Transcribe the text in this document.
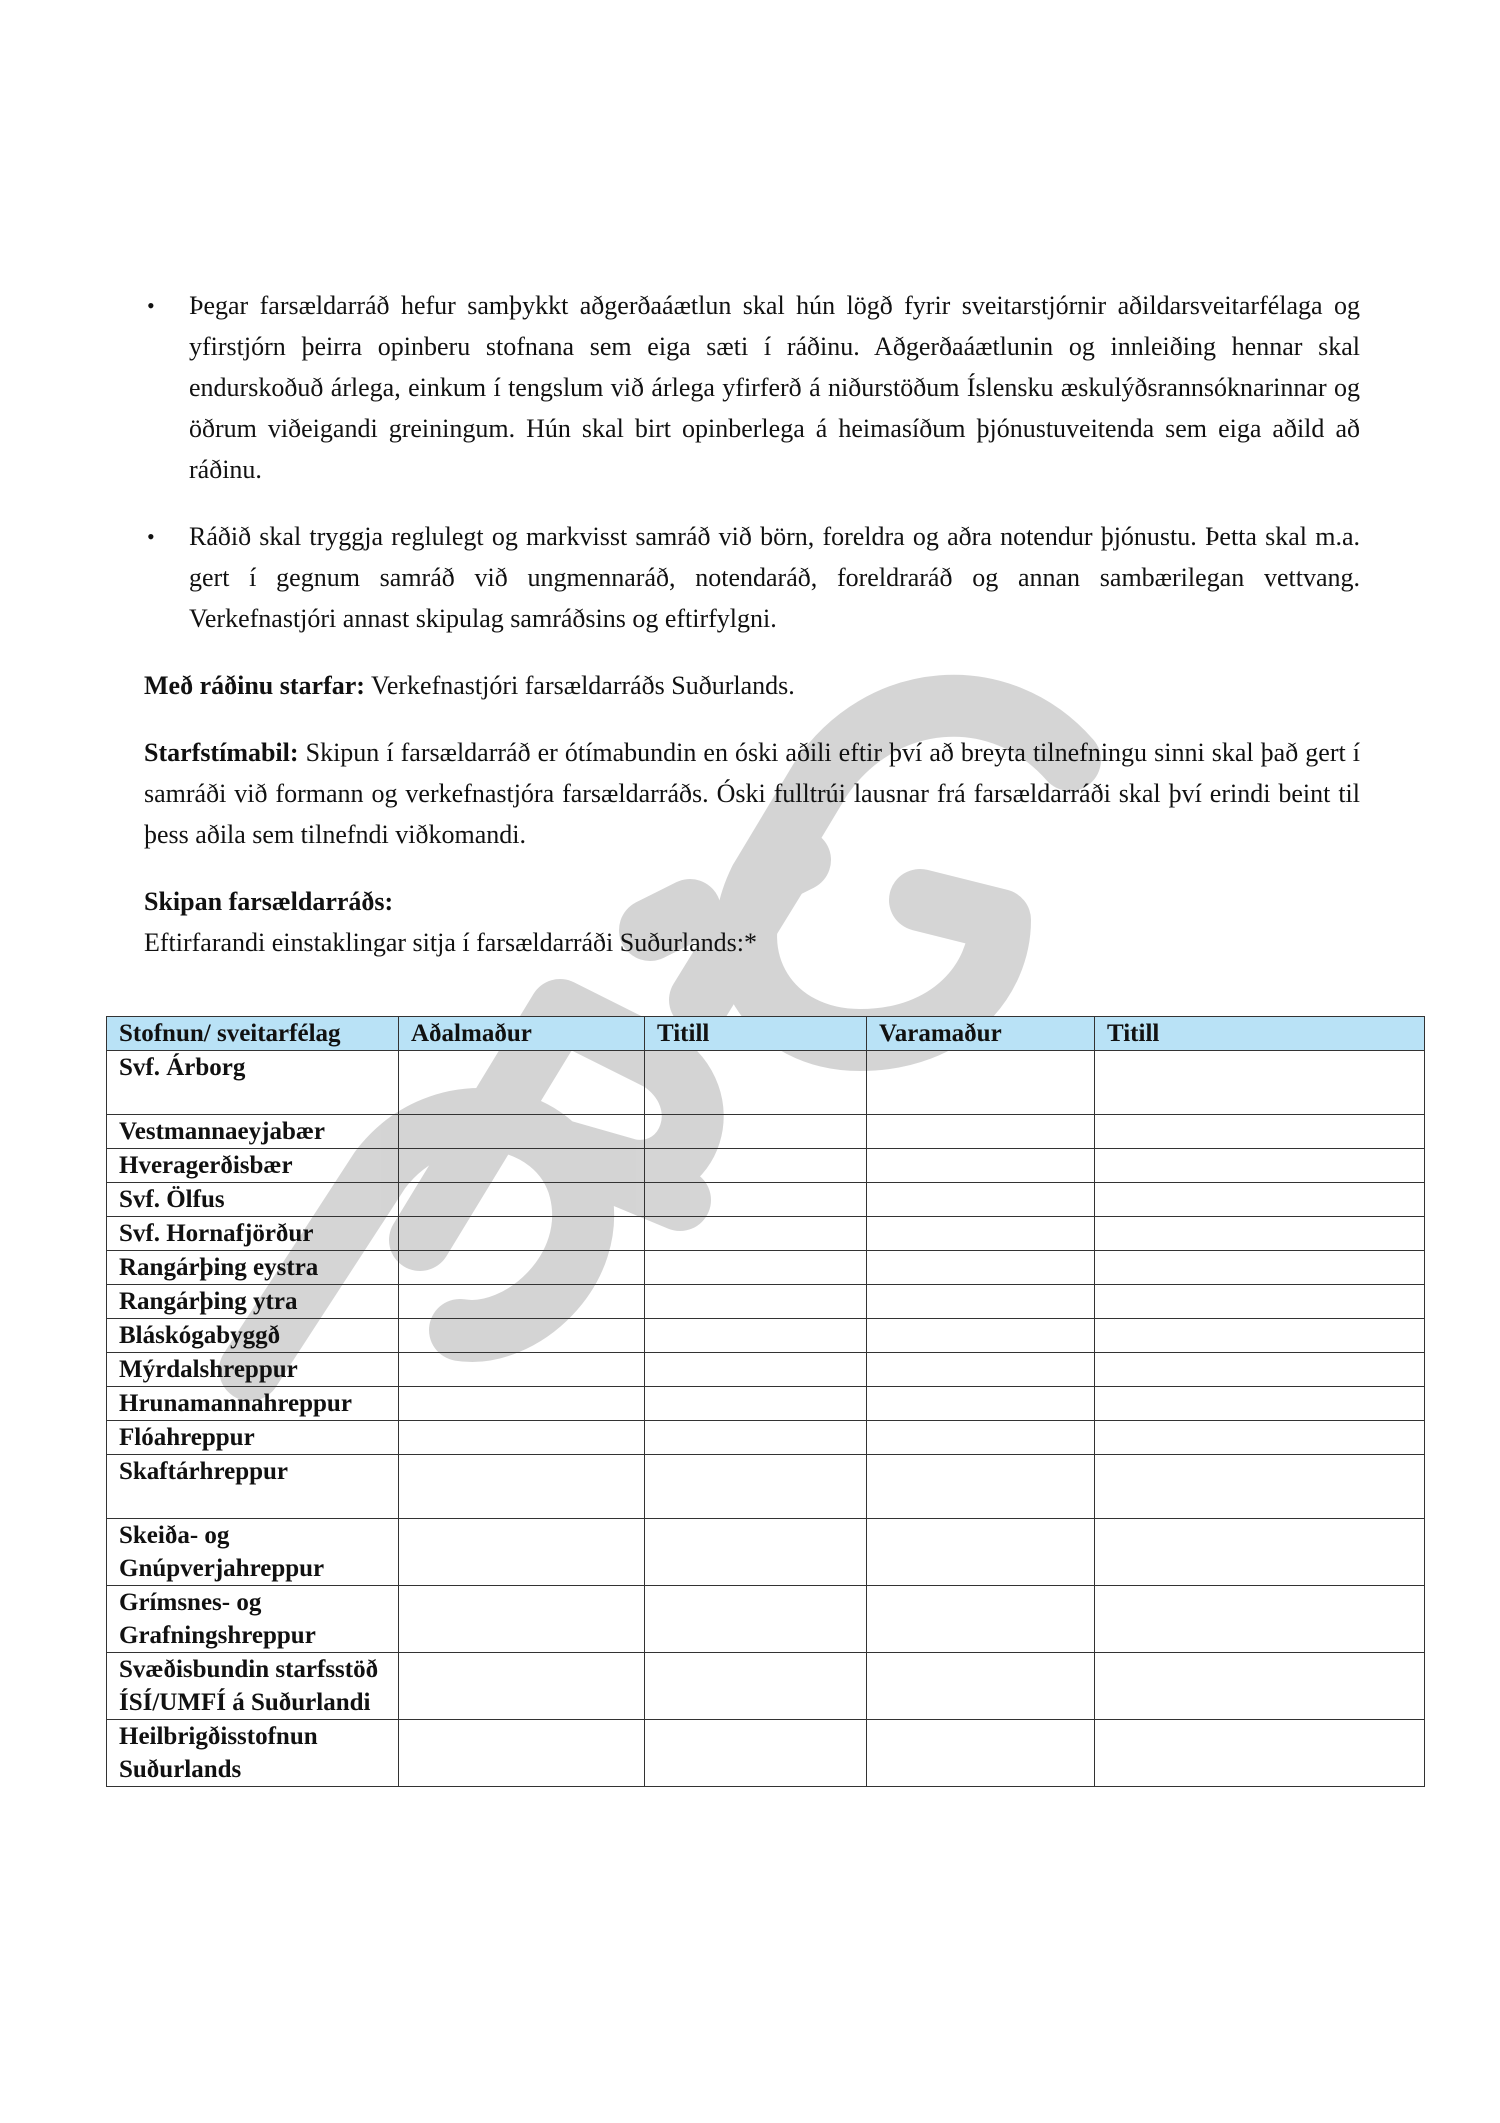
• Þegar farsældarráð hefur samþykkt aðgerðaáætlun skal hún lögð fyrir sveitarstjórnir aðildarsveitarfélaga og yfirstjórn þeirra opinberu stofnana sem eiga sæti í ráðinu. Aðgerðaáætlunin og innleiðing hennar skal endurskoðuð árlega, einkum í tengslum við árlega yfirferð á niðurstöðum Íslensku æskulýðsrannsóknarinnar og öðrum viðeigandi greiningum. Hún skal birt opinberlega á heimasíðum þjónustuveitenda sem eiga aðild að ráðinu.
• Ráðið skal tryggja reglulegt og markvisst samráð við börn, foreldra og aðra notendur þjónustu. Þetta skal m.a. gert í gegnum samráð við ungmennaráð, notendaráð, foreldraráð og annan sambærilegan vettvang. Verkefnastjóri annast skipulag samráðsins og eftirfylgni.

Með ráðinu starfar: Verkefnastjóri farsældarráðs Suðurlands.

Starfstímabil: Skipun í farsældarráð er ótímabundin en óski aðili eftir því að breyta tilnefningu sinni skal það gert í samráði við formann og verkefnastjóra farsældarráðs. Óski fulltrúi lausnar frá farsældarráði skal því erindi beint til þess aðila sem tilnefndi viðkomandi.

Skipan farsældarráðs:

Eftirfarandi einstaklingar sitja í farsældarráði Suðurlands:*

Stofnun/ sveitarfélag	Aðalmaður	Titill	Varamaður	Titill
Svf. Árborg				
Vestmannaeyjabær				
Hveragerðisbær				
Svf. Ölfus				
Svf. Hornafjörður				
Rangárþing eystra				
Rangárþing ytra				
Bláskógabyggð				
Mýrdalshreppur				
Hrunamannahreppur				
Flóahreppur				
Skaftárhreppur				
Skeiða- og Gnúpverjahreppur				
Grímsnes- og Grafningshreppur				
Svæðisbundin starfsstöð ÍSÍ/UMFÍ á Suðurlandi				
Heilbrigðisstofnun Suðurlands				
